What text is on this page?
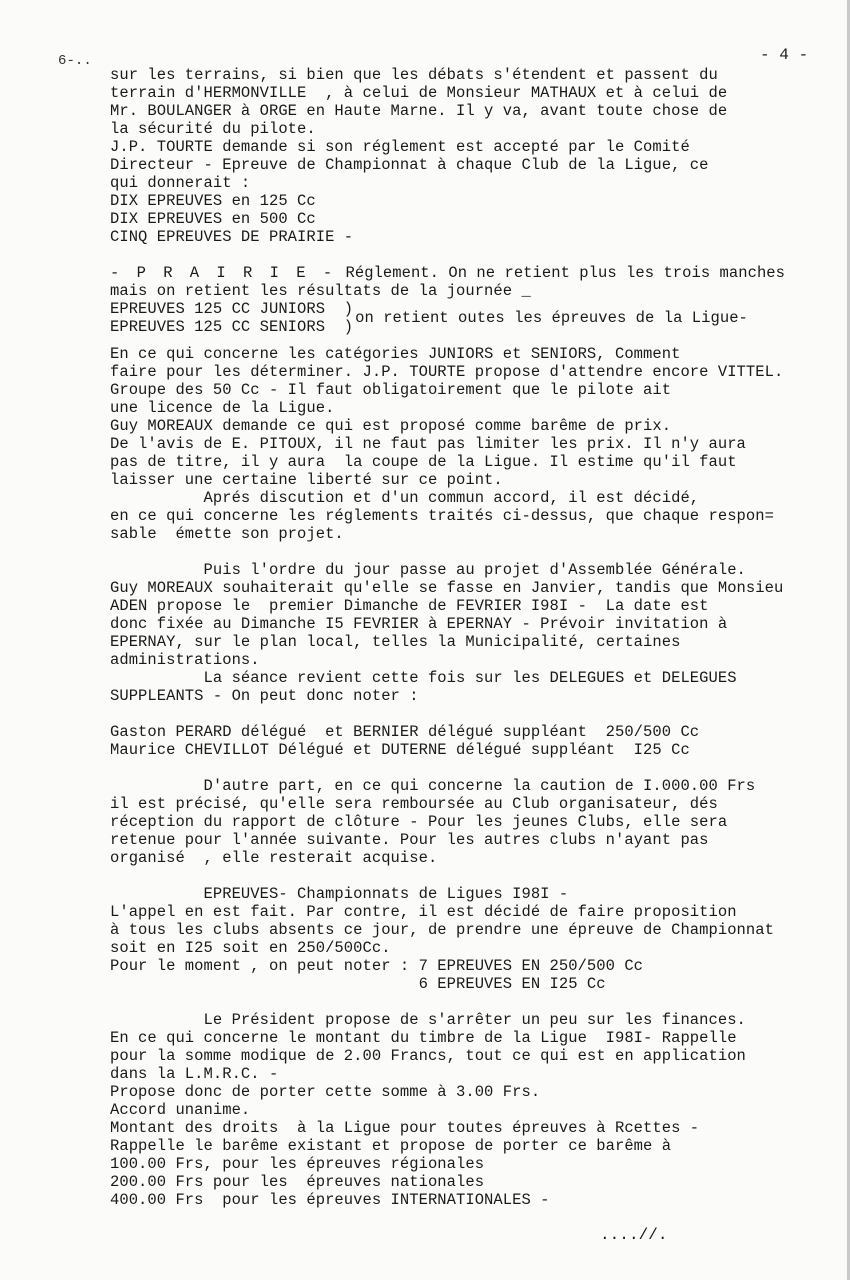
6-..	- 4 -
sur les terrains, si bien que les débats s'étendent et passent du
terrain d'HERMONVILLE  , à celui de Monsieur MATHAUX et à celui de
Mr. BOULANGER à ORGE en Haute Marne. Il y va, avant toute chose de
la sécurité du pilote.
J.P. TOURTE demande si son réglement est accepté par le Comité
Directeur - Epreuve de Championnat à chaque Club de la Ligue, ce
qui donnerait :
DIX EPREUVES en 125 Cc
DIX EPREUVES en 500 Cc
CINQ EPREUVES DE PRAIRIE -
- P R A I R I E - Réglement. On ne retient plus les trois manches
mais on retient les résultats de la journée _
EPREUVES 125 CC JUNIORS  )
EPREUVES 125 CC SENIORS  ) on retient outes les épreuves de la Ligue-
En ce qui concerne les catégories JUNIORS et SENIORS, Comment
faire pour les déterminer. J.P. TOURTE propose d'attendre encore VITTEL.
Groupe des 50 Cc - Il faut obligatoirement que le pilote ait
une licence de la Ligue.
Guy MOREAUX demande ce qui est proposé comme barême de prix.
De l'avis de E. PITOUX, il ne faut pas limiter les prix. Il n'y aura
pas de titre, il y aura  la coupe de la Ligue. Il estime qu'il faut
laisser une certaine liberté sur ce point.
Aprés discution et d'un commun accord, il est décidé,
en ce qui concerne les réglements traités ci-dessus, que chaque respon=
sable  émette son projet.
Puis l'ordre du jour passe au projet d'Assemblée Générale.
Guy MOREAUX souhaiterait qu'elle se fasse en Janvier, tandis que Monsieu
ADEN propose le  premier Dimanche de FEVRIER I98I -  La date est
donc fixée au Dimanche I5 FEVRIER à EPERNAY - Prévoir invitation à
EPERNAY, sur le plan local, telles la Municipalité, certaines
administrations.
La séance revient cette fois sur les DELEGUES et DELEGUES
SUPPLEANTS - On peut donc noter :
Gaston PERARD délégué  et BERNIER délégué suppléant  250/500 Cc
Maurice CHEVILLOT Délégué et DUTERNE délégué suppléant  I25 Cc
D'autre part, en ce qui concerne la caution de I.000.00 Frs
il est précisé, qu'elle sera remboursée au Club organisateur, dés
réception du rapport de clôture - Pour les jeunes Clubs, elle sera
retenue pour l'année suivante. Pour les autres clubs n'ayant pas
organisé  , elle resterait acquise.
EPREUVES- Championnats de Ligues I98I -
L'appel en est fait. Par contre, il est décidé de faire proposition
à tous les clubs absents ce jour, de prendre une épreuve de Championnat
soit en I25 soit en 250/500Cc.
Pour le moment , on peut noter : 7 EPREUVES EN 250/500 Cc
6 EPREUVES EN I25 Cc
Le Président propose de s'arrêter un peu sur les finances.
En ce qui concerne le montant du timbre de la Ligue  I98I- Rappelle
pour la somme modique de 2.00 Francs, tout ce qui est en application
dans la L.M.R.C. -
Propose donc de porter cette somme à 3.00 Frs.
Accord unanime.
Montant des droits  à la Ligue pour toutes épreuves à Rcettes -
Rappelle le barême existant et propose de porter ce barême à
100.00 Frs, pour les épreuves régionales
200.00 Frs pour les  épreuves nationales
400.00 Frs  pour les épreuves INTERNATIONALES -
....//.
